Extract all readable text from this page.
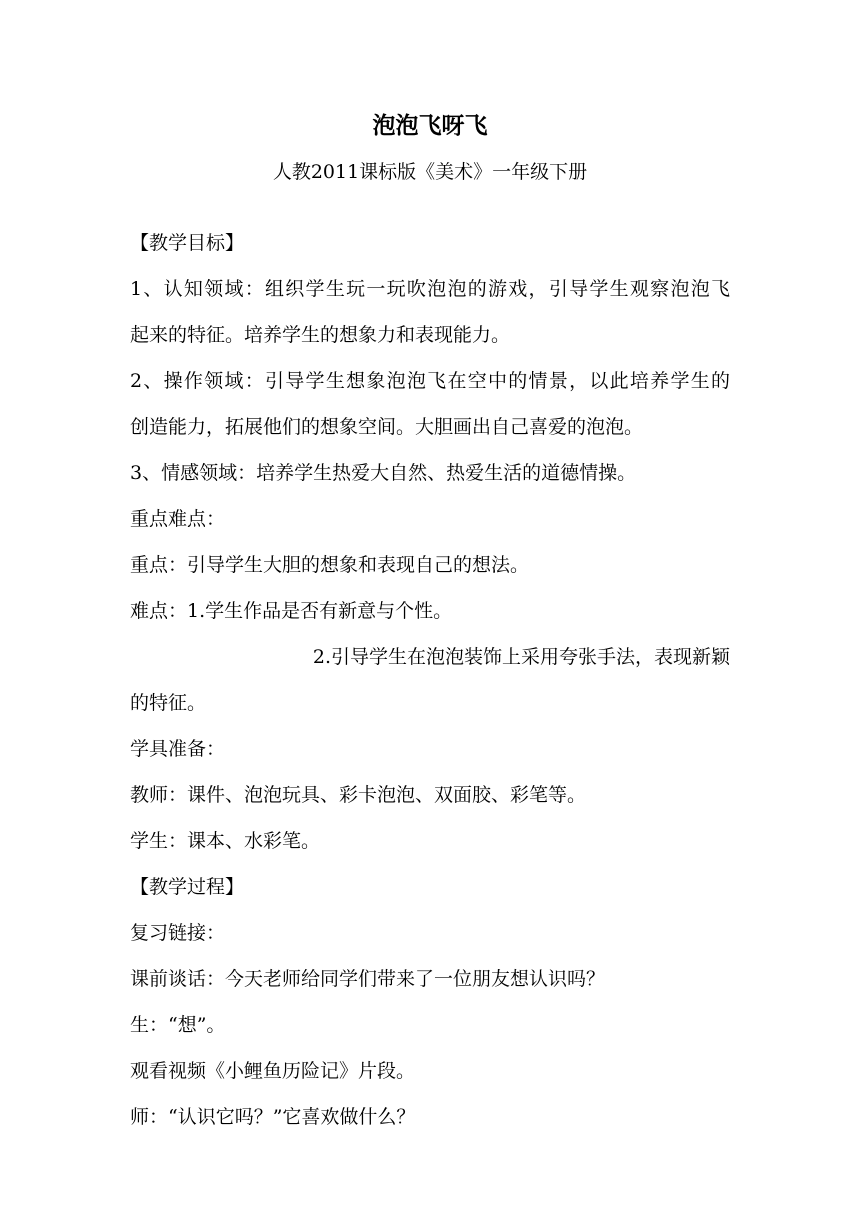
泡泡飞呀飞
人教2011课标版《美术》一年级下册
【教学目标】
1、认知领域：组织学生玩一玩吹泡泡的游戏，引导学生观察泡泡飞
起来的特征。培养学生的想象力和表现能力。
2、操作领域：引导学生想象泡泡飞在空中的情景，以此培养学生的
创造能力，拓展他们的想象空间。大胆画出自己喜爱的泡泡。
3、情感领域：培养学生热爱大自然、热爱生活的道德情操。
重点难点：
重点：引导学生大胆的想象和表现自己的想法。
难点：1.学生作品是否有新意与个性。
2.引导学生在泡泡装饰上采用夸张手法，表现新颖
的特征。
学具准备：
教师：课件、泡泡玩具、彩卡泡泡、双面胶、彩笔等。
学生：课本、水彩笔。
【教学过程】
复习链接：
课前谈话：今天老师给同学们带来了一位朋友想认识吗？
生：“想”。
观看视频《小鲤鱼历险记》片段。
师：“认识它吗？”它喜欢做什么？
